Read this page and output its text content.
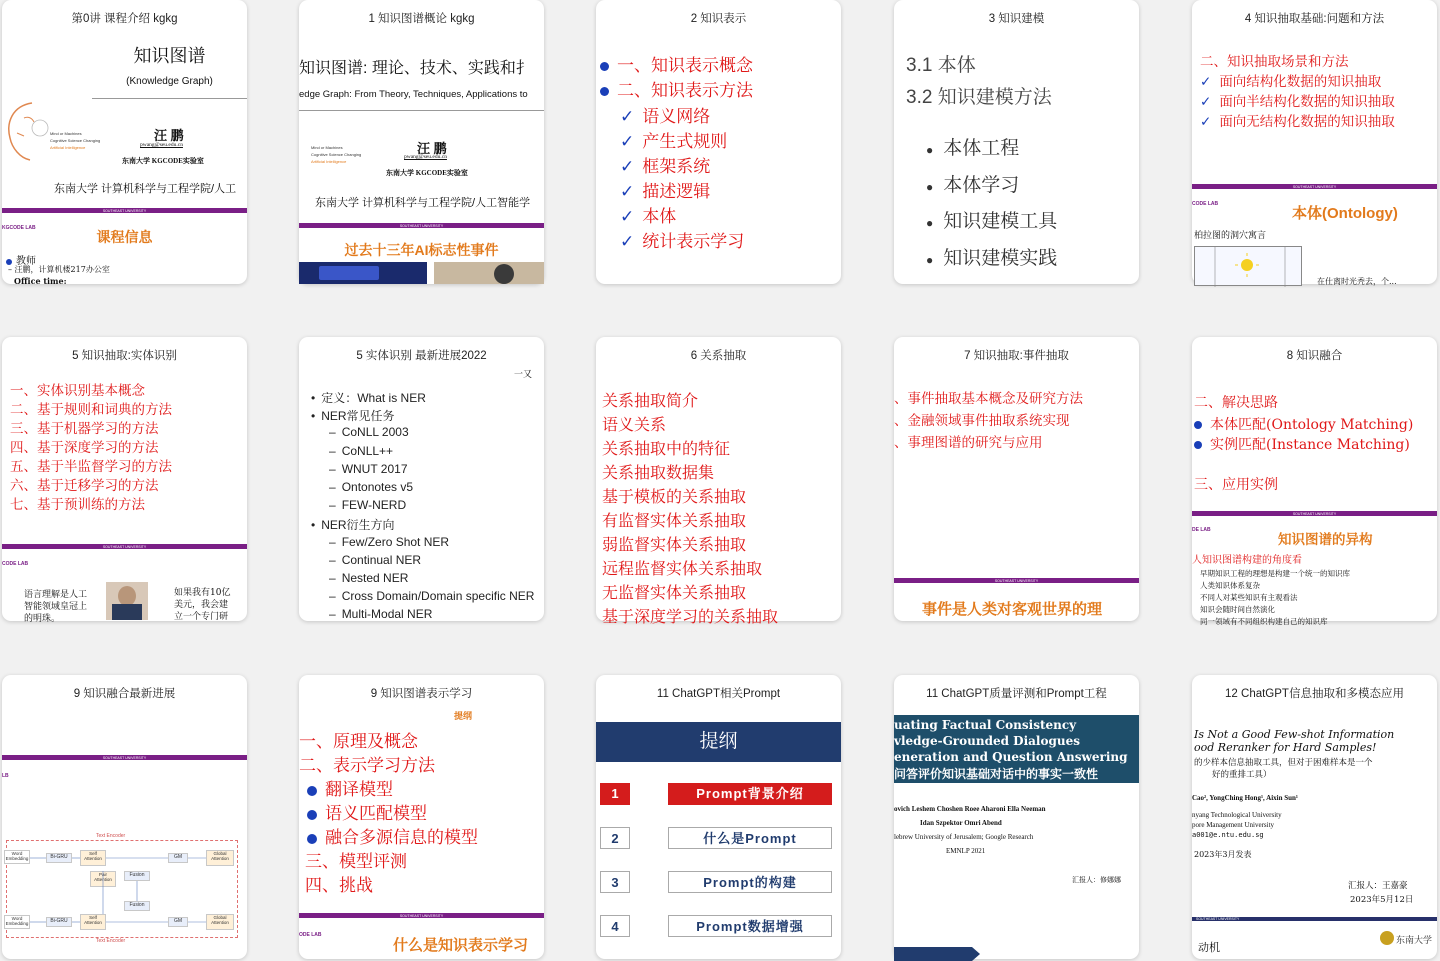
第0讲 课程介绍 kgkg
知识图谱
(Knowledge Graph)
Mind or Machines
Cognitive Science Changing
Artificial Intelligence
汪 鹏
pwang@seu.edu.cn
东南大学 KGCODE实验室
东南大学 计算机科学与工程学院/人工
SOUTHEAST UNIVERSITY
KGCODE LAB
课程信息
教师
– 汪鹏，计算机楼217办公室
Office time:
1 知识图谱概论 kgkg
知识图谱: 理论、技术、实践和扌
edge Graph: From Theory, Techniques, Applications to
Mind or Machines
Cognitive Science Changing
Artificial Intelligence
汪 鹏
pwang@seu.edu.cn
东南大学 KGCODE实验室
东南大学 计算机科学与工程学院/人工智能学
SOUTHEAST UNIVERSITY
过去十三年AI标志性事件
2 知识表示
一、知识表示概念
二、知识表示方法
✓ 语义网络
✓ 产生式规则
✓ 框架系统
✓ 描述逻辑
✓ 本体
✓ 统计表示学习
3 知识建模
3.1 本体
3.2 知识建模方法
● 本体工程
● 本体学习
● 知识建模工具
● 知识建模实践
4 知识抽取基础:问题和方法
二、知识抽取场景和方法
✓ 面向结构化数据的知识抽取
✓ 面向半结构化数据的知识抽取
✓ 面向无结构化数据的知识抽取
SOUTHEAST UNIVERSITY
CODE LAB
本体(Ontology)
柏拉图的洞穴寓言
在仕离时光秃去，个...
5 知识抽取:实体识别
一、实体识别基本概念
二、基于规则和词典的方法
三、基于机器学习的方法
四、基于深度学习的方法
五、基于半监督学习的方法
六、基于迁移学习的方法
七、基于预训练的方法
SOUTHEAST UNIVERSITY
CODE LAB
语言理解是人工
智能领域皇冠上
的明珠。
如果我有10亿
美元，我会建
立一个专门研
5 实体识别 最新进展2022
一又
• 定义：What is NER
• NER常见任务
– CoNLL 2003
– CoNLL++
– WNUT 2017
– Ontonotes v5
– FEW-NERD
• NER衍生方向
– Few/Zero Shot NER
– Continual NER
– Nested NER
– Cross Domain/Domain specific NER
– Multi-Modal NER
6 关系抽取
关系抽取简介
语义关系
关系抽取中的特征
关系抽取数据集
基于模板的关系抽取
有监督实体关系抽取
弱监督实体关系抽取
远程监督实体关系抽取
无监督实体关系抽取
基于深度学习的关系抽取
7 知识抽取:事件抽取
、事件抽取基本概念及研究方法
、金融领域事件抽取系统实现
、事理图谱的研究与应用
SOUTHEAST UNIVERSITY
事件是人类对客观世界的理
8 知识融合
二、解决思路
本体匹配(Ontology Matching)
实例匹配(Instance Matching)
三、应用实例
SOUTHEAST UNIVERSITY
DE LAB
知识图谱的异构
人知识图谱构建的角度看
早期知识工程的理想是构建一个统一的知识库
人类知识体系复杂
不同人对某些知识有主观看法
知识会随时间自然演化
同一领域有不同组织构建自己的知识库
9 知识融合最新进展
SOUTHEAST UNIVERSITY
LB
Text Encoder
Word Embedding	Bi-GRU
Self Attention
Pair Attention
Fusion
GM
Global Attention
Fusion
Word Embedding	Bi-GRU
Self Attention	GM
Global Attention
Text Encoder
9 知识图谱表示学习
提纲
一、原理及概念
二、表示学习方法
翻译模型
语义匹配模型
融合多源信息的模型
三、模型评测
四、挑战
SOUTHEAST UNIVERSITY
ODE LAB
什么是知识表示学习
11 ChatGPT相关Prompt
提纲
1	Prompt背景介绍
2	什么是Prompt
3	Prompt的构建
4	Prompt数据增强
11 ChatGPT质量评测和Prompt工程
uating Factual Consistency
vledge-Grounded Dialogues
eneration and Question Answering
问答评价知识基础对话中的事实一致性
ovich Leshem Choshen Roee Aharoni Ella Neeman
Idan Szpektor Omri Abend
lebrew University of Jerusalem; Google Research
EMNLP 2021
汇报人：修娜娜
12 ChatGPT信息抽取和多模态应用
Is Not a Good Few-shot Information
ood Reranker for Hard Samples!
的少样本信息抽取工具，但对于困难样本是一个
好的重排工具）
Cao², YongChing Hong¹, Aixin Sun¹
nyang Technological University
pore Management University
a001@e.ntu.edu.sg
2023年3月发表
汇报人：王嘉豪
2023年5月12日
SOUTHEAST UNIVERSITY
动机	东南大学
